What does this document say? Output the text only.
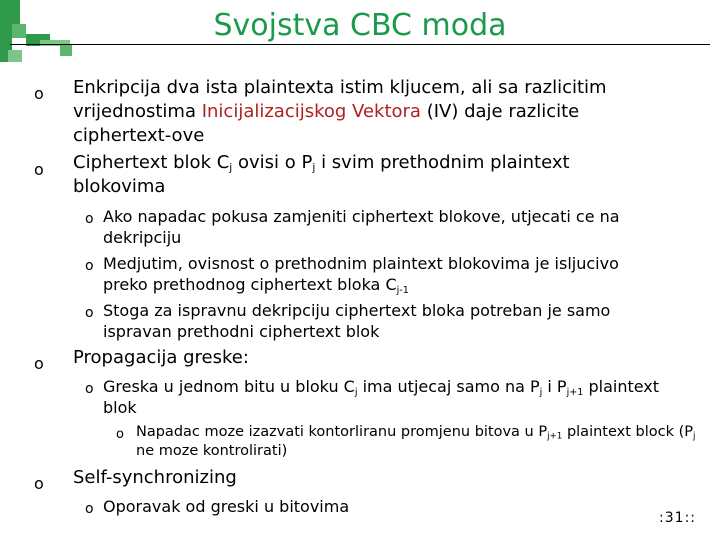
Svojstva CBC moda
o Enkripcija dva ista plaintexta istim kljucem, ali sa razlicitim vrijednostima Inicijalizacijskog Vektora (IV) daje razlicite ciphertext-ove
o Ciphertext blok $C_j$ ovisi o $P_j$ i svim prethodnim plaintext blokovima
o Ako napadac pokusa zamjeniti ciphertext blokove, utjecati ce na dekripciju
o Medjutim, ovisnost o prethodnim plaintext blokovima je isljucivo preko prethodnog ciphertext bloka $C_{j-1}$
o Stoga za ispravnu dekripciju ciphertext bloka potreban je samo ispravan prethodni ciphertext blok
o Propagacija greske:
o Greska u jednom bitu u bloku $C_j$ ima utjecaj samo na $P_j$ i $P_{j+1}$ plaintext blok
o Napadac moze izazvati kontorliranu promjenu bitova u $P_{j+1}$ plaintext block ($P_j$ ne moze kontrolirati)
o Self-synchronizing
o Oporavak od greski u bitovima
:31::
